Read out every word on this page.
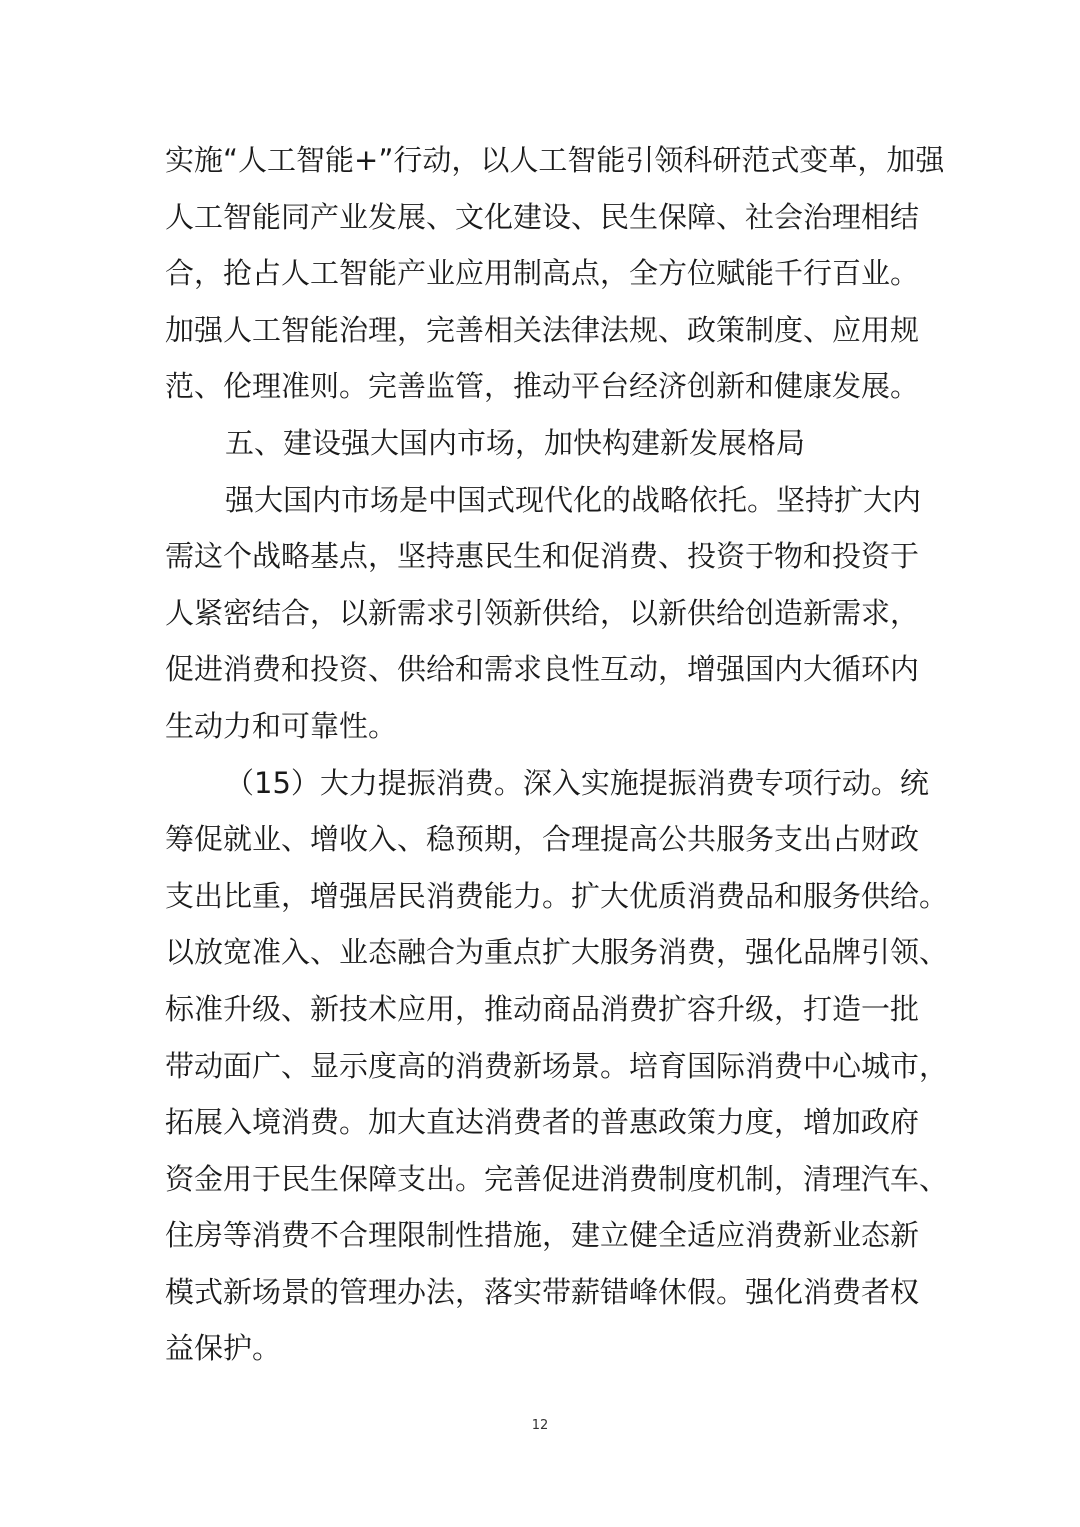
实施“人工智能+”行动，以人工智能引领科研范式变革，加强
人工智能同产业发展、文化建设、民生保障、社会治理相结
合，抢占人工智能产业应用制高点，全方位赋能千行百业。
加强人工智能治理，完善相关法律法规、政策制度、应用规
范、伦理准则。完善监管，推动平台经济创新和健康发展。
五、建设强大国内市场，加快构建新发展格局
强大国内市场是中国式现代化的战略依托。坚持扩大内
需这个战略基点，坚持惠民生和促消费、投资于物和投资于
人紧密结合，以新需求引领新供给，以新供给创造新需求，
促进消费和投资、供给和需求良性互动，增强国内大循环内
生动力和可靠性。
（15）大力提振消费。深入实施提振消费专项行动。统
筹促就业、增收入、稳预期，合理提高公共服务支出占财政
支出比重，增强居民消费能力。扩大优质消费品和服务供给。
以放宽准入、业态融合为重点扩大服务消费，强化品牌引领、
标准升级、新技术应用，推动商品消费扩容升级，打造一批
带动面广、显示度高的消费新场景。培育国际消费中心城市，
拓展入境消费。加大直达消费者的普惠政策力度，增加政府
资金用于民生保障支出。完善促进消费制度机制，清理汽车、
住房等消费不合理限制性措施，建立健全适应消费新业态新
模式新场景的管理办法，落实带薪错峰休假。强化消费者权
益保护。
12
